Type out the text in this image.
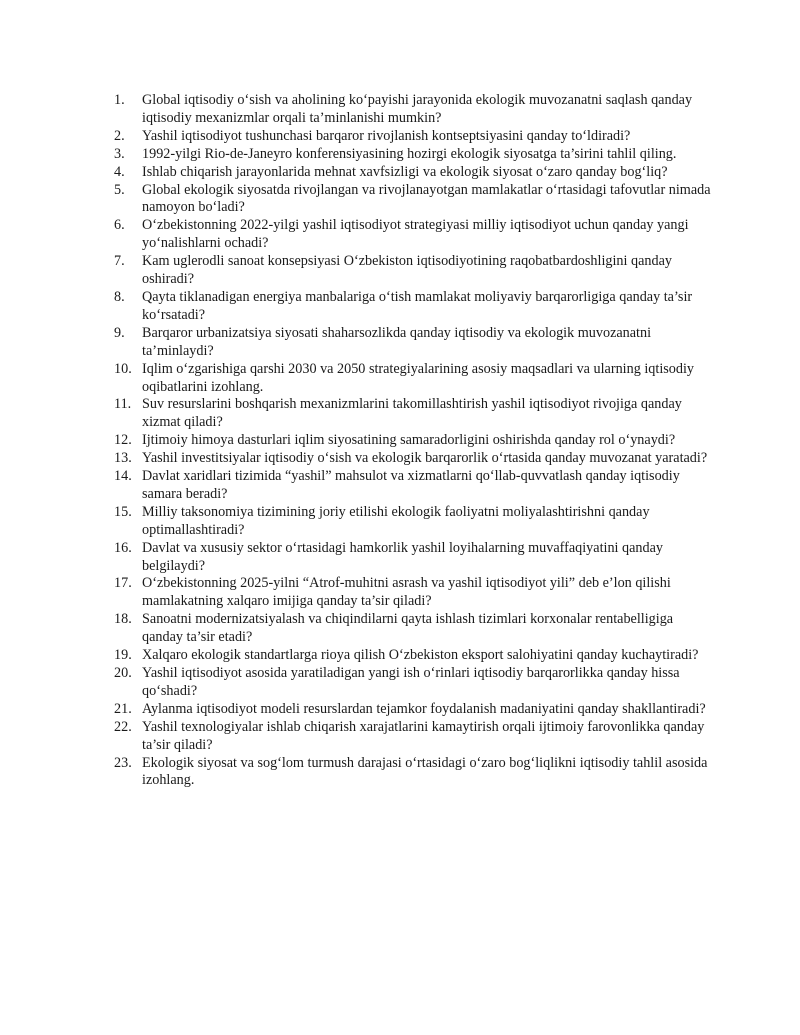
1.	Global iqtisodiy o‘sish va aholining ko‘payishi jarayonida ekologik muvozanatni saqlash qanday iqtisodiy mexanizmlar orqali ta’minlanishi mumkin?
2.	Yashil iqtisodiyot tushunchasi barqaror rivojlanish kontseptsiyasini qanday to‘ldiradi?
3.	1992-yilgi Rio-de-Janeyro konferensiyasining hozirgi ekologik siyosatga ta’sirini tahlil qiling.
4.	Ishlab chiqarish jarayonlarida mehnat xavfsizligi va ekologik siyosat o‘zaro qanday bog‘liq?
5.	Global ekologik siyosatda rivojlangan va rivojlanayotgan mamlakatlar o‘rtasidagi tafovutlar nimada namoyon bo‘ladi?
6.	O‘zbekistonning 2022-yilgi yashil iqtisodiyot strategiyasi milliy iqtisodiyot uchun qanday yangi yo‘nalishlarni ochadi?
7.	Kam uglerodli sanoat konsepsiyasi O‘zbekiston iqtisodiyotining raqobatbardoshligini qanday oshiradi?
8.	Qayta tiklanadigan energiya manbalariga o‘tish mamlakat moliyaviy barqarorligiga qanday ta’sir ko‘rsatadi?
9.	Barqaror urbanizatsiya siyosati shaharsozlikda qanday iqtisodiy va ekologik muvozanatni ta’minlaydi?
10. Iqlim o‘zgarishiga qarshi 2030 va 2050 strategiyalarining asosiy maqsadlari va ularning iqtisodiy oqibatlarini izohlang.
11. Suv resurslarini boshqarish mexanizmlarini takomillashtirish yashil iqtisodiyot rivojiga qanday xizmat qiladi?
12. Ijtimoiy himoya dasturlari iqlim siyosatining samaradorligini oshirishda qanday rol o‘ynaydi?
13. Yashil investitsiyalar iqtisodiy o‘sish va ekologik barqarorlik o‘rtasida qanday muvozanat yaratadi?
14. Davlat xaridlari tizimida “yashil” mahsulot va xizmatlarni qo‘llab-quvvatlash qanday iqtisodiy samara beradi?
15. Milliy taksonomiya tizimining joriy etilishi ekologik faoliyatni moliyalashtirishni qanday optimallashtiradi?
16. Davlat va xususiy sektor o‘rtasidagi hamkorlik yashil loyihalarning muvaffaqiyatini qanday belgilaydi?
17. O‘zbekistonning 2025-yilni “Atrof-muhitni asrash va yashil iqtisodiyot yili” deb e’lon qilishi mamlakatning xalqaro imijiga qanday ta’sir qiladi?
18. Sanoatni modernizatsiyalash va chiqindilarni qayta ishlash tizimlari korxonalar rentabelligiga qanday ta’sir etadi?
19. Xalqaro ekologik standartlarga rioya qilish O‘zbekiston eksport salohiyatini qanday kuchaytiradi?
20. Yashil iqtisodiyot asosida yaratiladigan yangi ish o‘rinlari iqtisodiy barqarorlikka qanday hissa qo‘shadi?
21. Aylanma iqtisodiyot modeli resurslardan tejamkor foydalanish madaniyatini qanday shakllantiradi?
22. Yashil texnologiyalar ishlab chiqarish xarajatlarini kamaytirish orqali ijtimoiy farovonlikka qanday ta’sir qiladi?
23. Ekologik siyosat va sog‘lom turmush darajasi o‘rtasidagi o‘zaro bog‘liqlikni iqtisodiy tahlil asosida izohlang.
